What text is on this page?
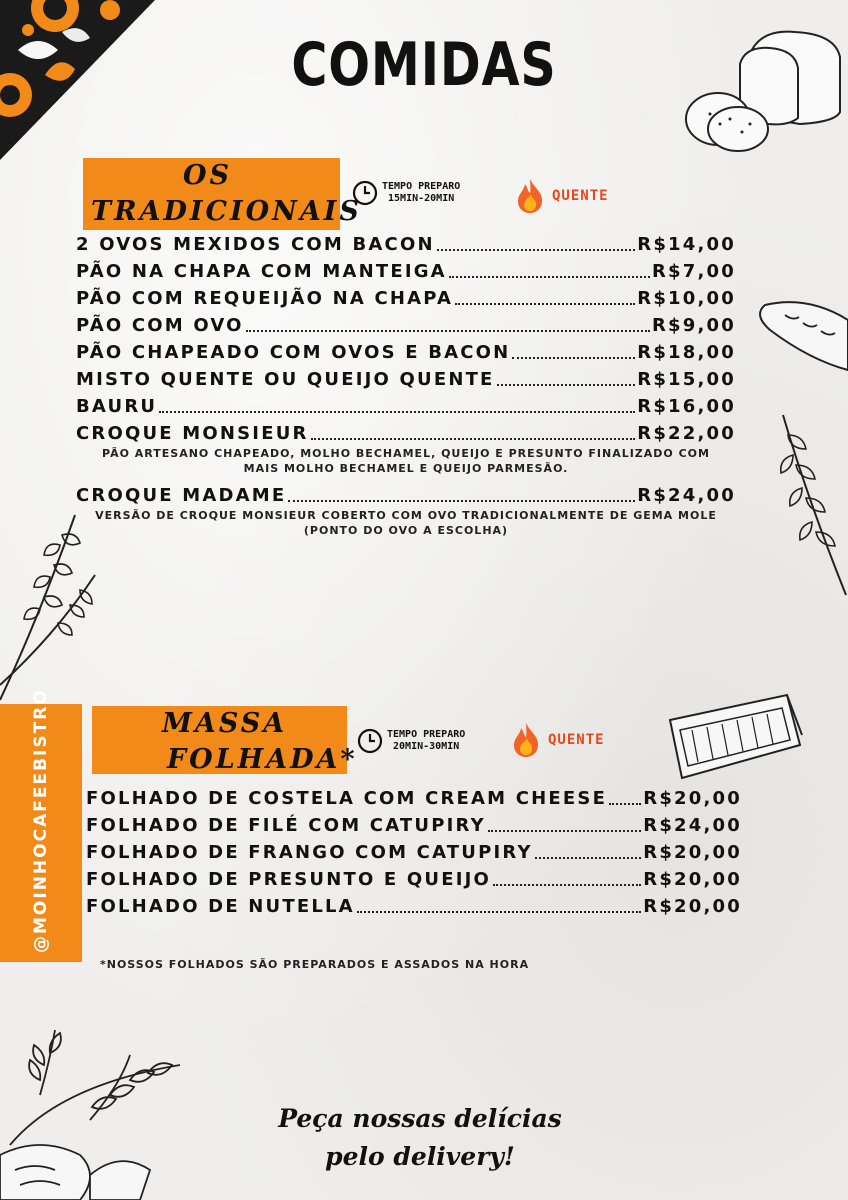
COMIDAS
OS
TRADICIONAIS
TEMPO PREPARO
15MIN-20MIN	QUENTE
2 OVOS MEXIDOS COM BACON	R$14,00
PÃO NA CHAPA COM MANTEIGA	R$7,00
PÃO COM REQUEIJÃO NA CHAPA	R$10,00
PÃO COM OVO	R$9,00
PÃO CHAPEADO COM OVOS E BACON	R$18,00
MISTO QUENTE OU QUEIJO QUENTE	R$15,00
BAURU	R$16,00
CROQUE MONSIEUR	R$22,00
PÃO ARTESANO CHAPEADO, MOLHO BECHAMEL, QUEIJO E PRESUNTO FINALIZADO COM MAIS MOLHO BECHAMEL E QUEIJO PARMESÃO.
CROQUE MADAME	R$24,00
VERSÃO DE CROQUE MONSIEUR COBERTO COM OVO TRADICIONALMENTE DE GEMA MOLE (PONTO DO OVO A ESCOLHA)
@MOINHOCAFEEBISTRO	MASSA
FOLHADA*
TEMPO PREPARO
20MIN-30MIN	QUENTE
FOLHADO DE COSTELA COM CREAM CHEESE R$20,00
FOLHADO DE FILÉ COM CATUPIRY	R$24,00
FOLHADO DE FRANGO COM CATUPIRY	R$20,00
FOLHADO DE PRESUNTO E QUEIJO	R$20,00
FOLHADO DE NUTELLA	R$20,00
*NOSSOS FOLHADOS SÃO PREPARADOS E ASSADOS NA HORA
Peça nossas delícias
pelo delivery!
